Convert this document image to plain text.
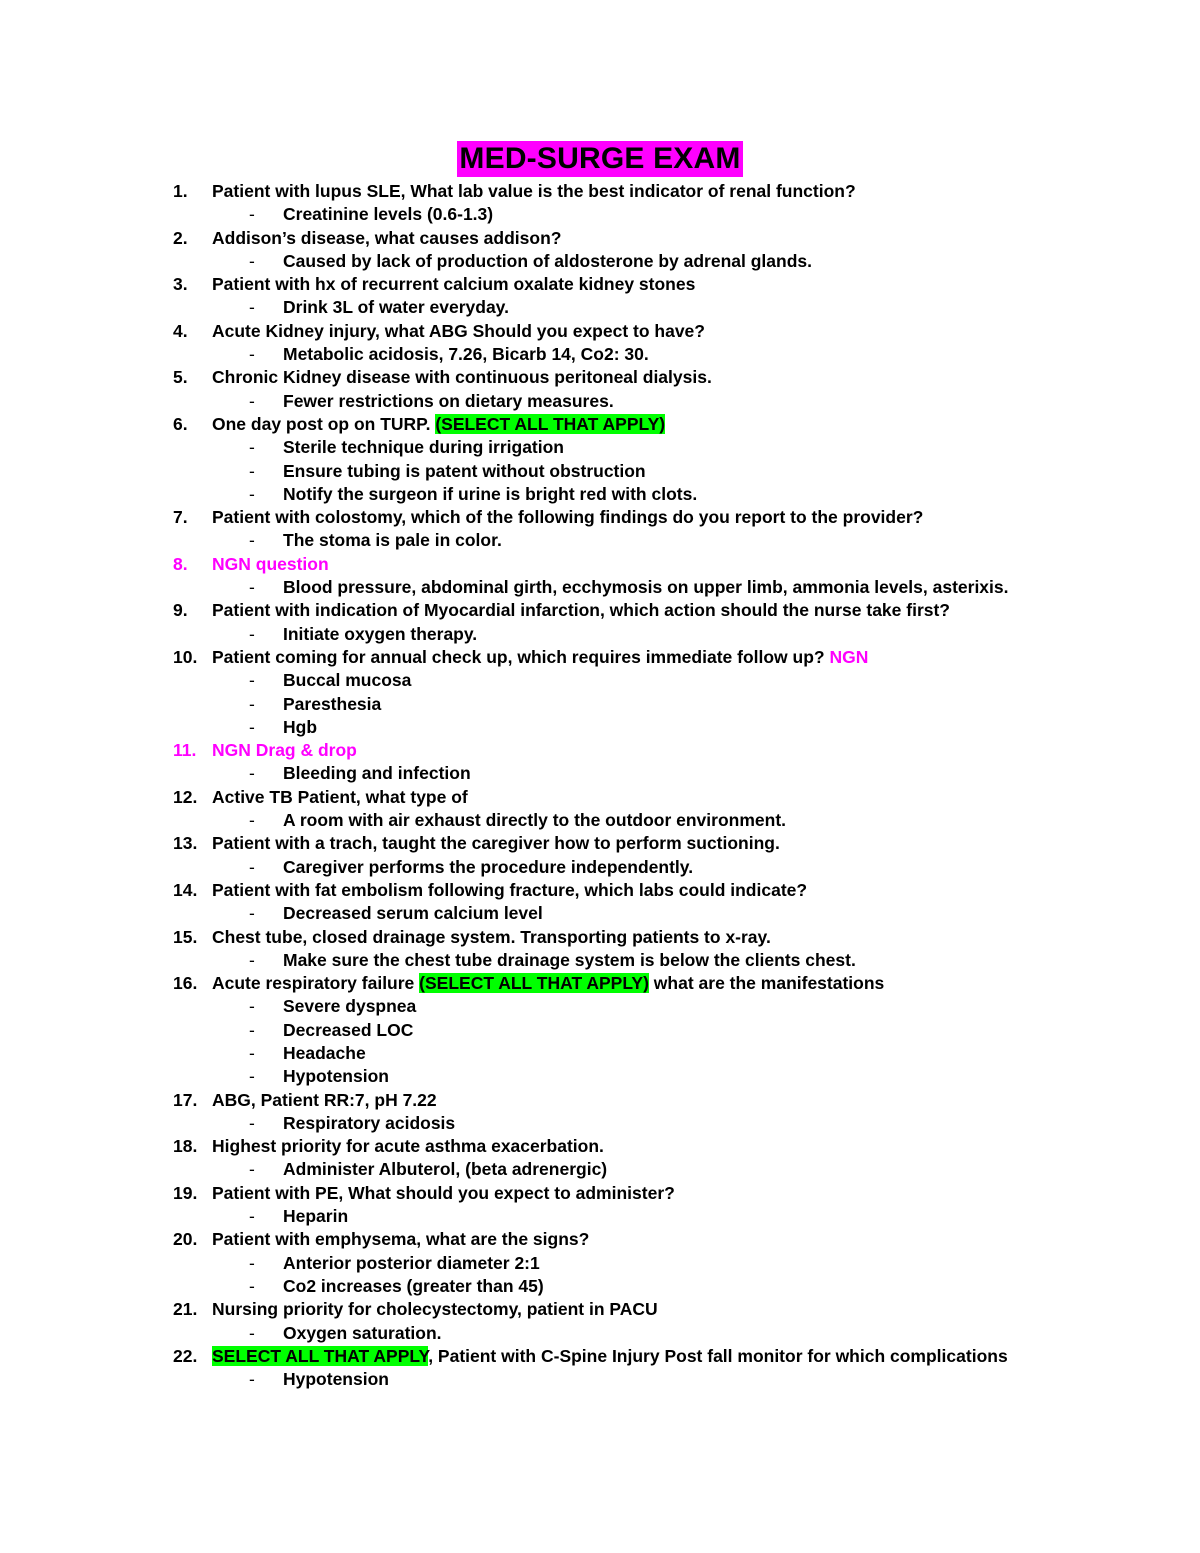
MED-SURGE EXAM
1.	Patient with lupus SLE, What lab value is the best indicator of renal function?
- Creatinine levels (0.6-1.3)
2.	Addison’s disease, what causes addison?
- Caused by lack of production of aldosterone by adrenal glands.
3.	Patient with hx of recurrent calcium oxalate kidney stones
- Drink 3L of water everyday.
4.	Acute Kidney injury, what ABG Should you expect to have?
- Metabolic acidosis, 7.26, Bicarb 14, Co2: 30.
5.	Chronic Kidney disease with continuous peritoneal dialysis.
- Fewer restrictions on dietary measures.
6.	One day post op on TURP. (SELECT ALL THAT APPLY)
- Sterile technique during irrigation
- Ensure tubing is patent without obstruction
- Notify the surgeon if urine is bright red with clots.
7.	Patient with colostomy, which of the following findings do you report to the provider?
- The stoma is pale in color.
8.	NGN question
- Blood pressure, abdominal girth, ecchymosis on upper limb, ammonia levels, asterixis.
9.	Patient with indication of Myocardial infarction, which action should the nurse take first?
- Initiate oxygen therapy.
10. Patient coming for annual check up, which requires immediate follow up? NGN
- Buccal mucosa
- Paresthesia
- Hgb
11. NGN Drag & drop
- Bleeding and infection
12. Active TB Patient, what type of
- A room with air exhaust directly to the outdoor environment.
13. Patient with a trach, taught the caregiver how to perform suctioning.
- Caregiver performs the procedure independently.
14. Patient with fat embolism following fracture, which labs could indicate?
- Decreased serum calcium level
15. Chest tube, closed drainage system. Transporting patients to x-ray.
- Make sure the chest tube drainage system is below the clients chest.
16. Acute respiratory failure (SELECT ALL THAT APPLY) what are the manifestations
- Severe dyspnea
- Decreased LOC
- Headache
- Hypotension
17. ABG, Patient RR:7, pH 7.22
- Respiratory acidosis
18. Highest priority for acute asthma exacerbation.
- Administer Albuterol, (beta adrenergic)
19. Patient with PE, What should you expect to administer?
- Heparin
20. Patient with emphysema, what are the signs?
- Anterior posterior diameter 2:1
- Co2 increases (greater than 45)
21. Nursing priority for cholecystectomy, patient in PACU
- Oxygen saturation.
22. SELECT ALL THAT APPLY, Patient with C-Spine Injury Post fall monitor for which complications
- Hypotension
